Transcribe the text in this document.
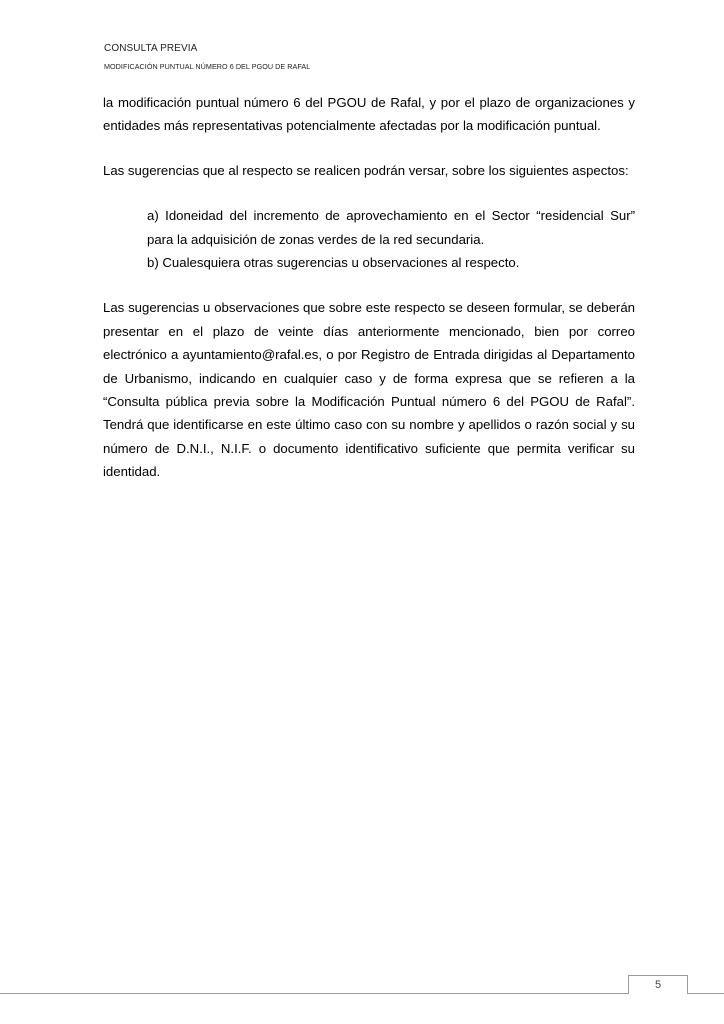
CONSULTA PREVIA
MODIFICACIÓN PUNTUAL NÚMERO 6 DEL PGOU DE RAFAL

la modificación puntual número 6 del PGOU de Rafal, y por el plazo de organizaciones y entidades más representativas potencialmente afectadas por la modificación puntual.

Las sugerencias que al respecto se realicen podrán versar, sobre los siguientes aspectos:

a) Idoneidad del incremento de aprovechamiento en el Sector “residencial Sur” para la adquisición de zonas verdes de la red secundaria.
b) Cualesquiera otras sugerencias u observaciones al respecto.

Las sugerencias u observaciones que sobre este respecto se deseen formular, se deberán presentar en el plazo de veinte días anteriormente mencionado, bien por correo electrónico a ayuntamiento@rafal.es, o por Registro de Entrada dirigidas al Departamento de Urbanismo, indicando en cualquier caso y de forma expresa que se refieren a la “Consulta pública previa sobre la Modificación Puntual número 6 del PGOU de Rafal”. Tendrá que identificarse en este último caso con su nombre y apellidos o razón social y su número de D.N.I., N.I.F. o documento identificativo suficiente que permita verificar su identidad.

5
